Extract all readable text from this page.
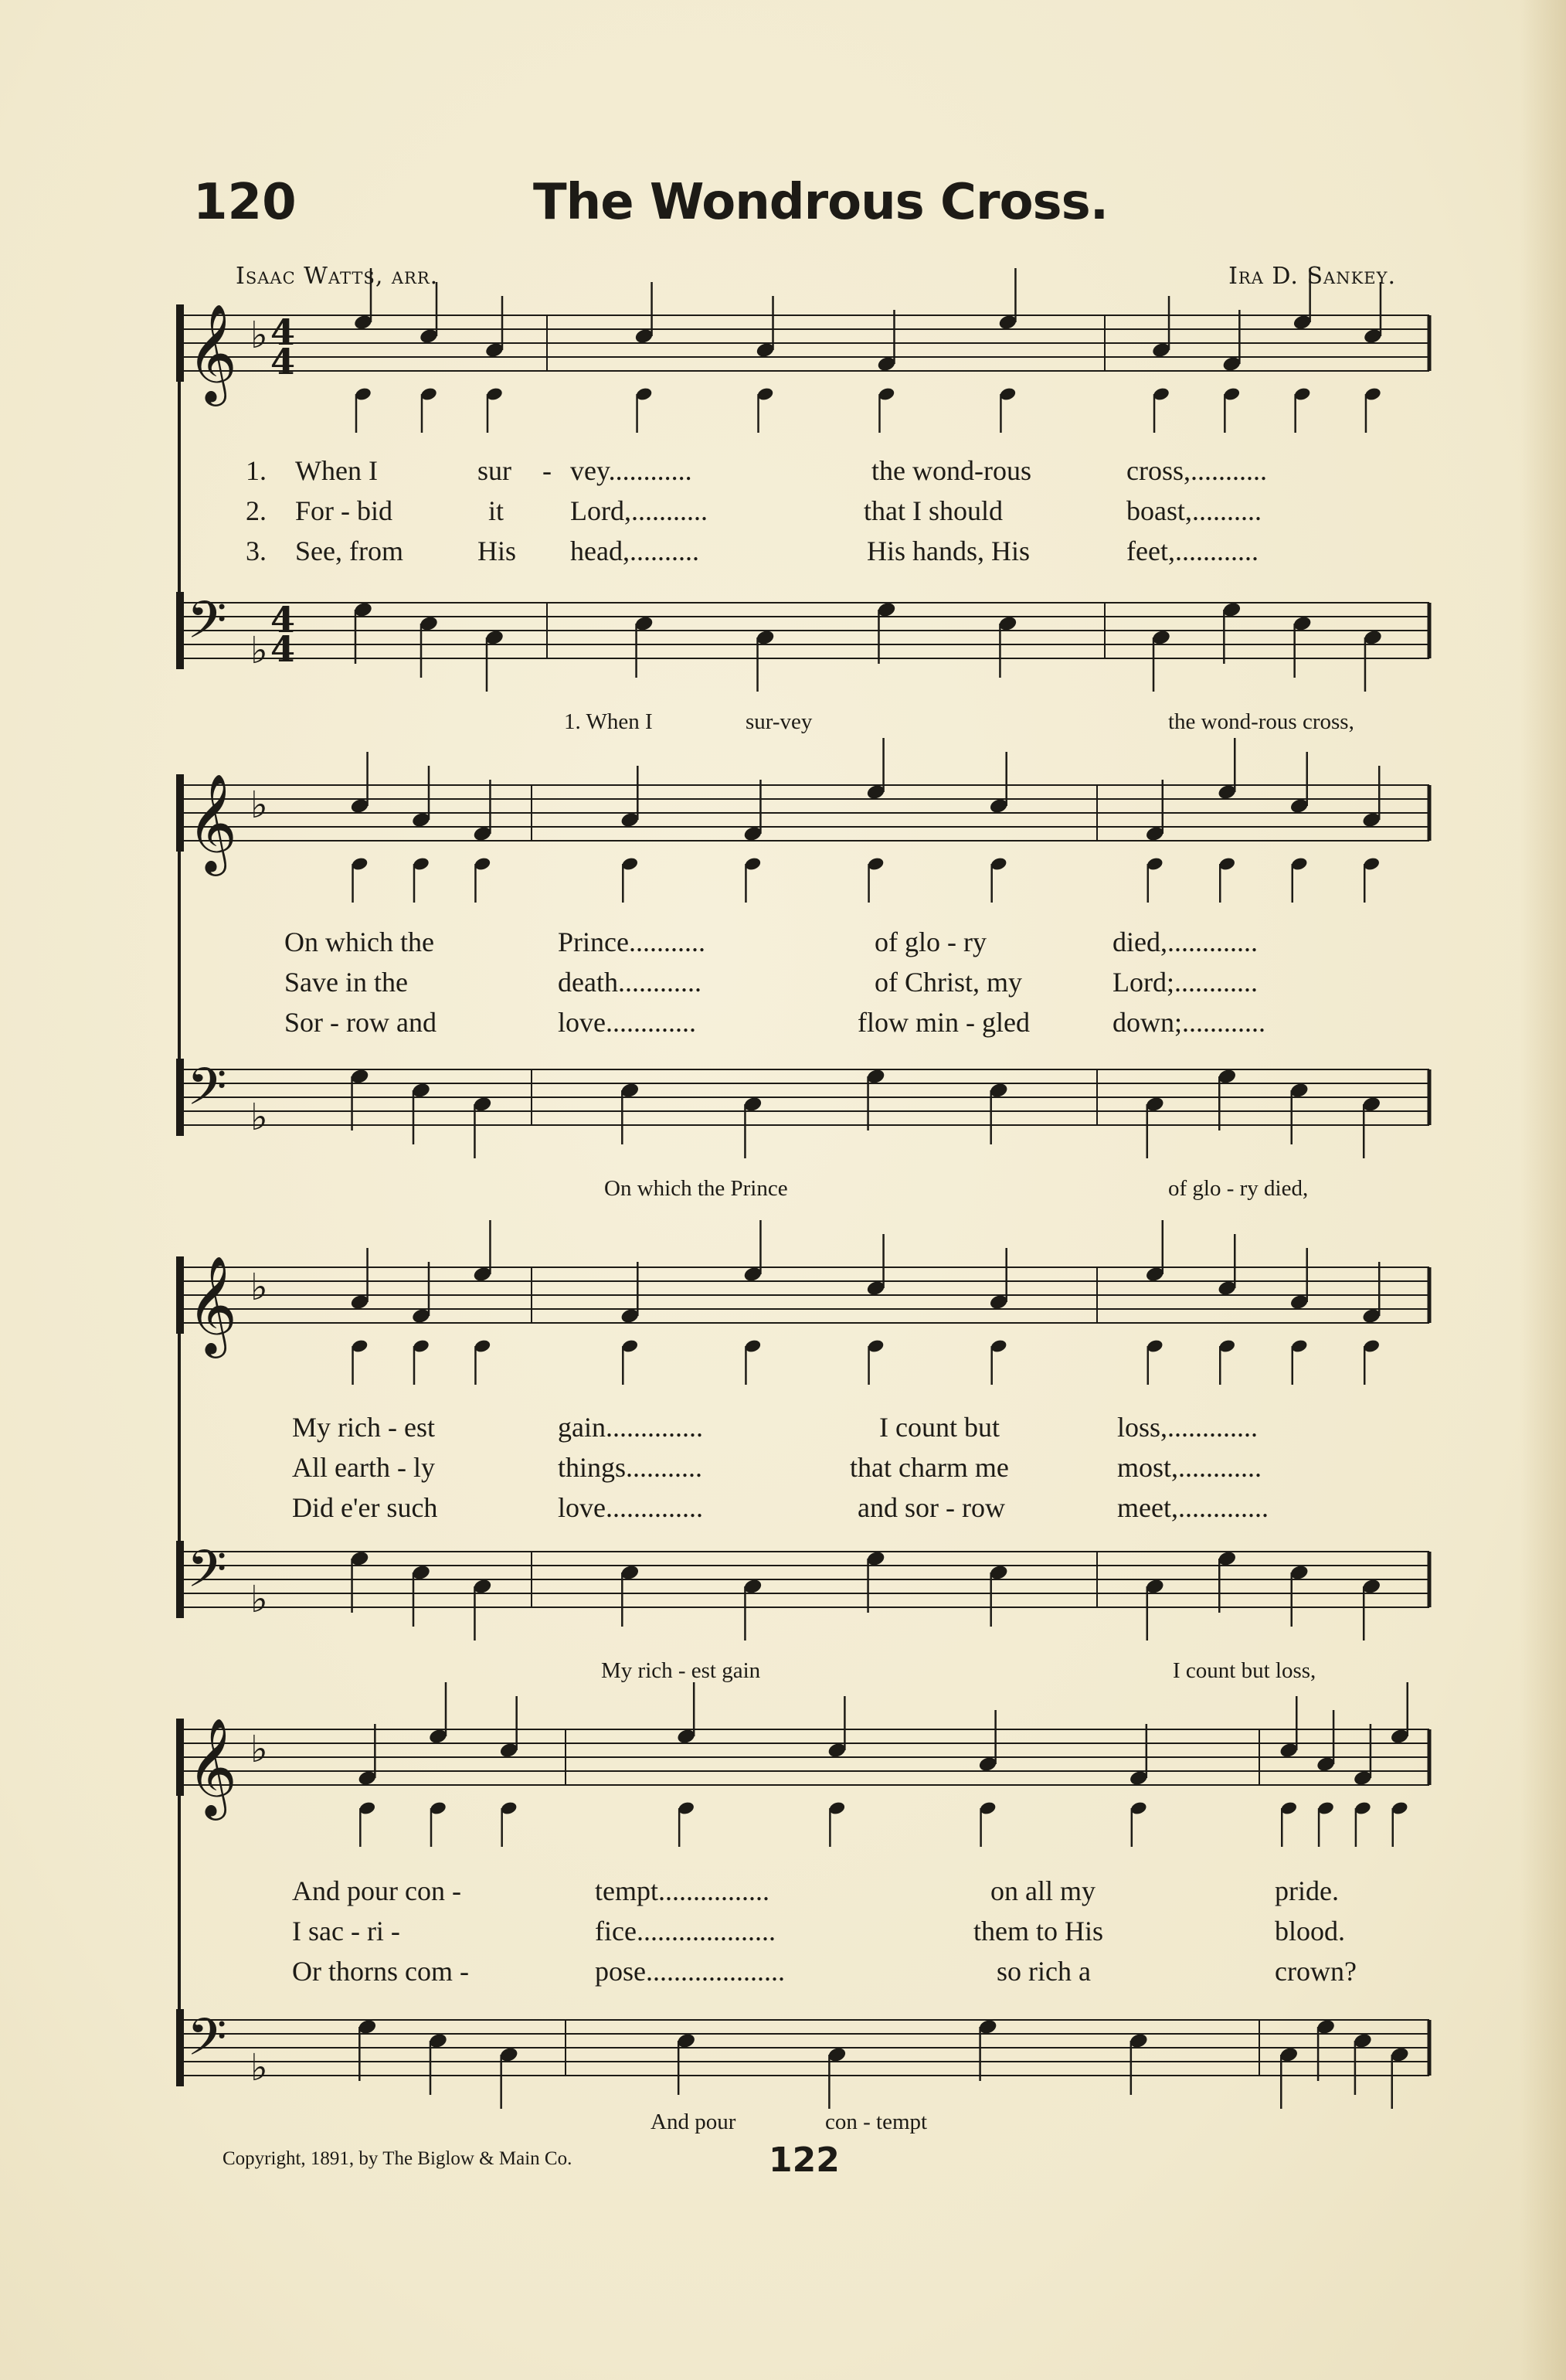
120	The Wondrous Cross.
Isaac Watts, arr.	Ira D. Sankey.
𝄞
𝄢
♭
♭
4
4
4
4
𝄞
𝄢
♭
♭
𝄞
𝄢
♭
♭
𝄞
𝄢
♭
♭
1. When I	sur - vey............	the wond-rous	cross,...........
2. For - bid	it Lord,...........	that I should	boast,..........
3. See, from	His head,..........	His hands, His	feet,............
1. When I	sur-vey	the wond-rous cross,
On which the	Prince...........	of glo - ry	died,.............
Save in the	death............	of Christ, my	Lord;............
Sor - row and	love.............	flow min - gled	down;............
On which the Prince	of glo - ry died,
My rich - est	gain..............	I count but	loss,.............
All earth - ly	things...........	that charm me	most,............
Did e'er such	love..............	and sor - row	meet,.............
My rich - est gain	I count but loss,
And pour con -	tempt................	on all my	pride.
I sac - ri -	fice....................	them to His	blood.
Or thorns com -	pose....................	so rich a	crown?
And pour	con - tempt
Copyright, 1891, by The Biglow & Main Co.	122
